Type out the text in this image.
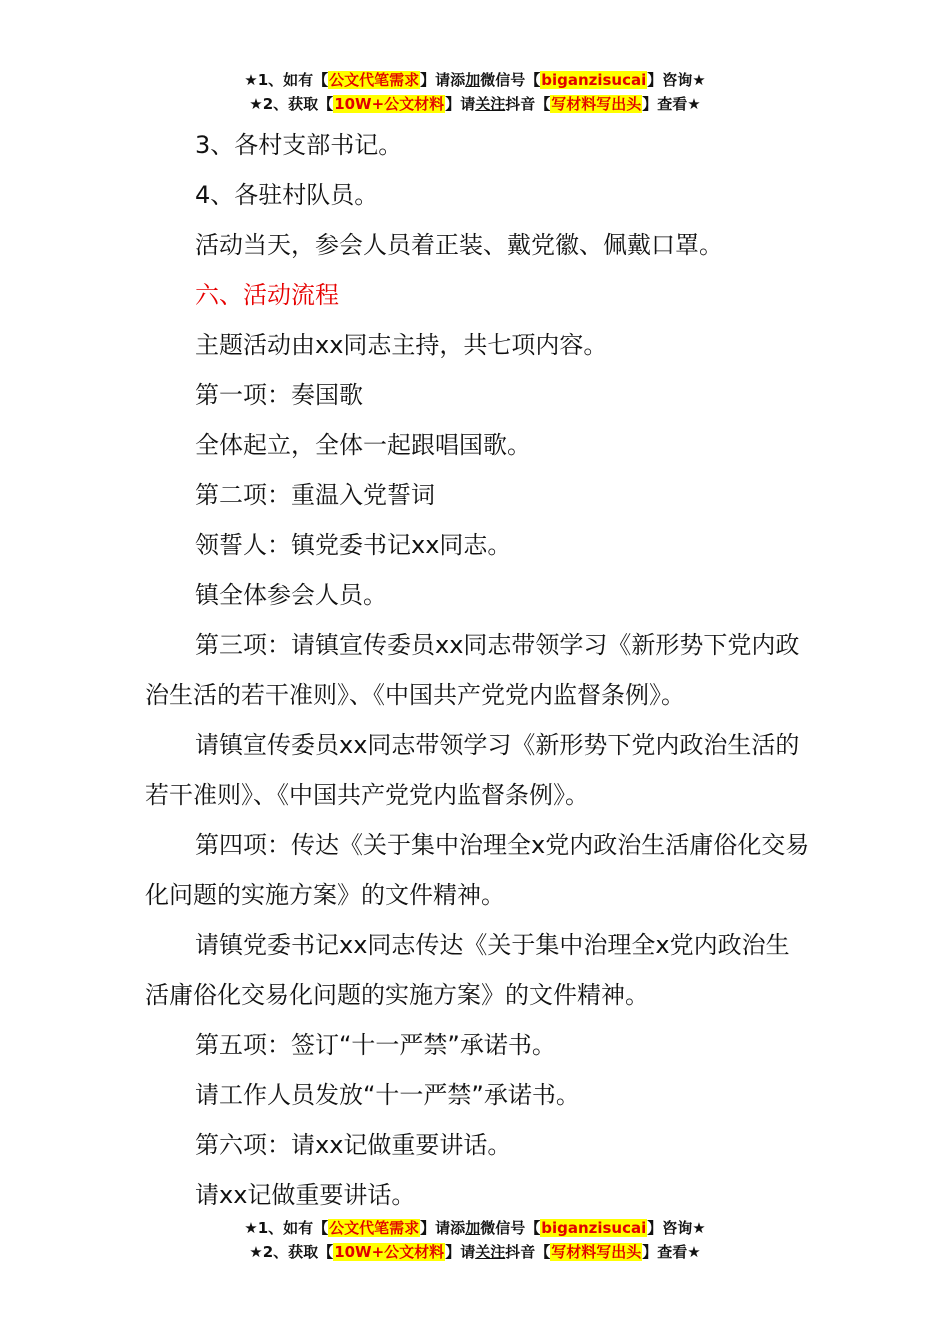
★1、如有【公文代笔需求】请添加微信号【biganzisucai】咨询★
★2、获取【10W+公文材料】请关注抖音【写材料写出头】查看★

3、各村支部书记。

4、各驻村队员。

活动当天，参会人员着正装、戴党徽、佩戴口罩。

六、活动流程

主题活动由xx同志主持，共七项内容。

第一项：奏国歌

全体起立，全体一起跟唱国歌。

第二项：重温入党誓词

领誓人：镇党委书记xx同志。

镇全体参会人员。

第三项：请镇宣传委员xx同志带领学习《新形势下党内政治生活的若干准则》、《中国共产党党内监督条例》。

请镇宣传委员xx同志带领学习《新形势下党内政治生活的若干准则》、《中国共产党党内监督条例》。

第四项：传达《关于集中治理全x党内政治生活庸俗化交易化问题的实施方案》的文件精神。

请镇党委书记xx同志传达《关于集中治理全x党内政治生活庸俗化交易化问题的实施方案》的文件精神。

第五项：签订“十一严禁”承诺书。

请工作人员发放“十一严禁”承诺书。

第六项：请xx记做重要讲话。

请xx记做重要讲话。

★1、如有【公文代笔需求】请添加微信号【biganzisucai】咨询★
★2、获取【10W+公文材料】请关注抖音【写材料写出头】查看★
